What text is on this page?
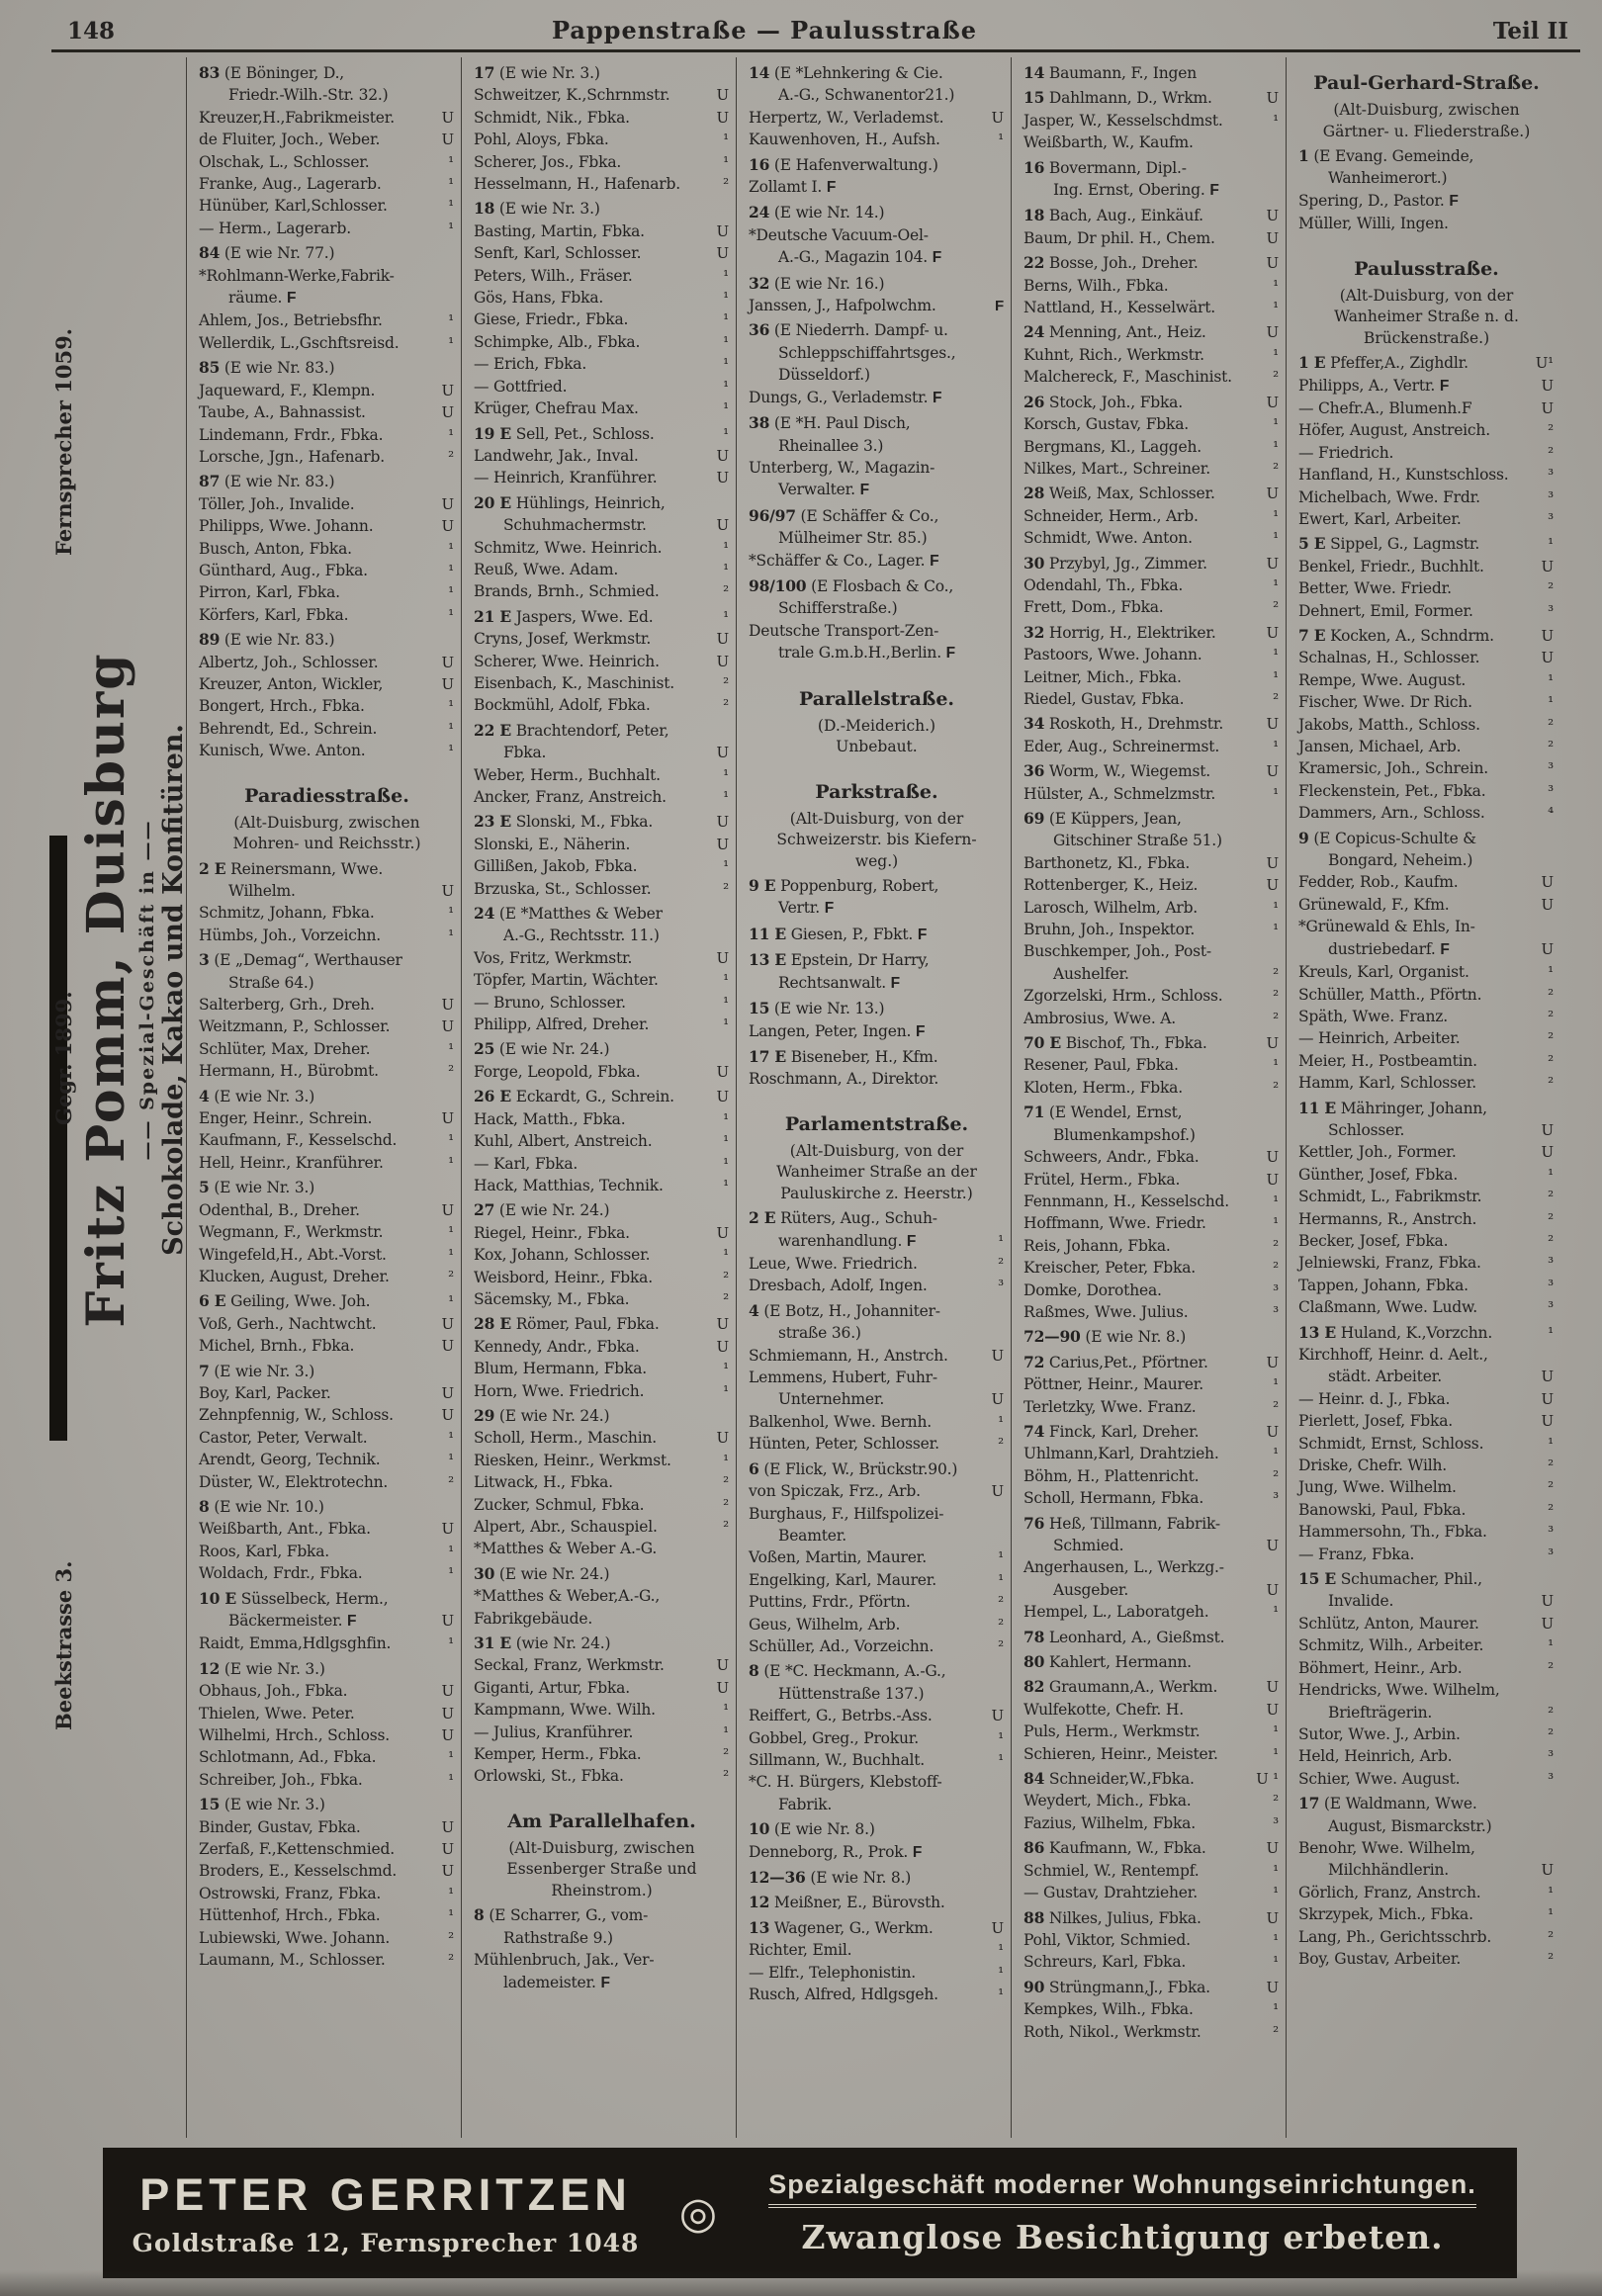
148	Pappenstraße — Paulusstraße	Teil II
Beekstrasse 3.
Gegr. 1899.
Fernsprecher 1059.
Fritz Pomm, Duisburg —— Spezial-Geschäft in —— Schokolade, Kakao und Konfitüren.
83 (E Böninger, D.,
Friedr.-Wilh.-Str. 32.)
Kreuzer,H.,Fabrikmeister.	U
de Fluiter, Joch., Weber.	U
Olschak, L., Schlosser.	¹
Franke, Aug., Lagerarb.	¹
Hünüber, Karl,Schlosser.	¹
— Herm., Lagerarb.	¹
84 (E wie Nr. 77.)
*Rohlmann-Werke,Fabrik-
räume. F
Ahlem, Jos., Betriebsfhr.	¹
Wellerdik, L.,Gschftsreisd.	¹
85 (E wie Nr. 83.)
Jaqueward, F., Klempn.	U
Taube, A., Bahnassist.	U
Lindemann, Frdr., Fbka.	¹
Lorsche, Jgn., Hafenarb.	²
87 (E wie Nr. 83.)
Töller, Joh., Invalide.	U
Philipps, Wwe. Johann.	U
Busch, Anton, Fbka.	¹
Günthard, Aug., Fbka.	¹
Pirron, Karl, Fbka.	¹
Körfers, Karl, Fbka.	¹
89 (E wie Nr. 83.)
Albertz, Joh., Schlosser.	U
Kreuzer, Anton, Wickler,	U
Bongert, Hrch., Fbka.	¹
Behrendt, Ed., Schrein.	¹
Kunisch, Wwe. Anton.	¹
Paradiesstraße.
(Alt-Duisburg, zwischen
Mohren- und Reichsstr.)
2 E Reinersmann, Wwe.
Wilhelm.	U
Schmitz, Johann, Fbka.	¹
Hümbs, Joh., Vorzeichn.	¹
3 (E „Demag“, Werthauser
Straße 64.)
Salterberg, Grh., Dreh.	U
Weitzmann, P., Schlosser.	U
Schlüter, Max, Dreher.	¹
Hermann, H., Bürobmt.	²
4 (E wie Nr. 3.)
Enger, Heinr., Schrein.	U
Kaufmann, F., Kesselschd.	¹
Hell, Heinr., Kranführer.	¹
5 (E wie Nr. 3.)
Odenthal, B., Dreher.	U
Wegmann, F., Werkmstr.	¹
Wingefeld,H., Abt.-Vorst.	¹
Klucken, August, Dreher.	²
6 E Geiling, Wwe. Joh.	¹
Voß, Gerh., Nachtwcht.	U
Michel, Brnh., Fbka.	U
7 (E wie Nr. 3.)
Boy, Karl, Packer.	U
Zehnpfennig, W., Schloss.	U
Castor, Peter, Verwalt.	¹
Arendt, Georg, Technik.	¹
Düster, W., Elektrotechn.	²
8 (E wie Nr. 10.)
Weißbarth, Ant., Fbka.	U
Roos, Karl, Fbka.	¹
Woldach, Frdr., Fbka.	¹
10 E Süsselbeck, Herm.,
Bäckermeister. F	U
Raidt, Emma,Hdlgsghfin.	¹
12 (E wie Nr. 3.)
Obhaus, Joh., Fbka.	U
Thielen, Wwe. Peter.	U
Wilhelmi, Hrch., Schloss.	U
Schlotmann, Ad., Fbka.	¹
Schreiber, Joh., Fbka.	¹
15 (E wie Nr. 3.)
Binder, Gustav, Fbka.	U
Zerfaß, F.,Kettenschmied.	U
Broders, E., Kesselschmd.	U
Ostrowski, Franz, Fbka.	¹
Hüttenhof, Hrch., Fbka.	¹
Lubiewski, Wwe. Johann.	²
Laumann, M., Schlosser.	²
17 (E wie Nr. 3.)
Schweitzer, K.,Schrnmstr.	U
Schmidt, Nik., Fbka.	U
Pohl, Aloys, Fbka.	¹
Scherer, Jos., Fbka.	¹
Hesselmann, H., Hafenarb.	²
18 (E wie Nr. 3.)
Basting, Martin, Fbka.	U
Senft, Karl, Schlosser.	U
Peters, Wilh., Fräser.	¹
Gös, Hans, Fbka.	¹
Giese, Friedr., Fbka.	¹
Schimpke, Alb., Fbka.	¹
— Erich, Fbka.	¹
— Gottfried.	¹
Krüger, Chefrau Max.	¹
19 E Sell, Pet., Schloss.	¹
Landwehr, Jak., Inval.	U
— Heinrich, Kranführer.	U
20 E Hühlings, Heinrich,
Schuhmachermstr.	U
Schmitz, Wwe. Heinrich.	¹
Reuß, Wwe. Adam.	¹
Brands, Brnh., Schmied.	²
21 E Jaspers, Wwe. Ed.	¹
Cryns, Josef, Werkmstr.	U
Scherer, Wwe. Heinrich.	U
Eisenbach, K., Maschinist.	²
Bockmühl, Adolf, Fbka.	²
22 E Brachtendorf, Peter,
Fbka.	U
Weber, Herm., Buchhalt.	¹
Ancker, Franz, Anstreich.	¹
23 E Slonski, M., Fbka.	U
Slonski, E., Näherin.	U
Gillißen, Jakob, Fbka.	¹
Brzuska, St., Schlosser.	²
24 (E *Matthes & Weber
A.-G., Rechtsstr. 11.)
Vos, Fritz, Werkmstr.	U
Töpfer, Martin, Wächter.	¹
— Bruno, Schlosser.	¹
Philipp, Alfred, Dreher.	¹
25 (E wie Nr. 24.)
Forge, Leopold, Fbka.	U
26 E Eckardt, G., Schrein.	U
Hack, Matth., Fbka.	¹
Kuhl, Albert, Anstreich.	¹
— Karl, Fbka.	¹
Hack, Matthias, Technik.	¹
27 (E wie Nr. 24.)
Riegel, Heinr., Fbka.	U
Kox, Johann, Schlosser.	¹
Weisbord, Heinr., Fbka.	²
Säcemsky, M., Fbka.	²
28 E Römer, Paul, Fbka.	U
Kennedy, Andr., Fbka.	U
Blum, Hermann, Fbka.	¹
Horn, Wwe. Friedrich.	¹
29 (E wie Nr. 24.)
Scholl, Herm., Maschin.	U
Riesken, Heinr., Werkmst.	¹
Litwack, H., Fbka.	²
Zucker, Schmul, Fbka.	²
Alpert, Abr., Schauspiel.	²
*Matthes & Weber A.-G.
30 (E wie Nr. 24.)
*Matthes & Weber,A.-G.,
Fabrikgebäude.
31 E (wie Nr. 24.)
Seckal, Franz, Werkmstr.	U
Giganti, Artur, Fbka.	U
Kampmann, Wwe. Wilh.	¹
— Julius, Kranführer.	¹
Kemper, Herm., Fbka.	²
Orlowski, St., Fbka.	²
Am Parallelhafen.
(Alt-Duisburg, zwischen
Essenberger Straße und
Rheinstrom.)
8 (E Scharrer, G., vom-
Rathstraße 9.)
Mühlenbruch, Jak., Ver-
lademeister. F
14 (E *Lehnkering & Cie.
A.-G., Schwanentor21.)
Herpertz, W., Verlademst.	U
Kauwenhoven, H., Aufsh.	¹
16 (E Hafenverwaltung.)
Zollamt I. F
24 (E wie Nr. 14.)
*Deutsche Vacuum-Oel-
A.-G., Magazin 104. F
32 (E wie Nr. 16.)
Janssen, J., Hafpolwchm.	F
36 (E Niederrh. Dampf- u.
Schleppschiffahrtsges.,
Düsseldorf.)
Dungs, G., Verlademstr. F
38 (E *H. Paul Disch,
Rheinallee 3.)
Unterberg, W., Magazin-
Verwalter. F
96/97 (E Schäffer & Co.,
Mülheimer Str. 85.)
*Schäffer & Co., Lager. F
98/100 (E Flosbach & Co.,
Schifferstraße.)
Deutsche Transport-Zen-
trale G.m.b.H.,Berlin. F
Parallelstraße.
(D.-Meiderich.)
Unbebaut.
Parkstraße.
(Alt-Duisburg, von der
Schweizerstr. bis Kiefern-
weg.)
9 E Poppenburg, Robert,
Vertr. F
11 E Giesen, P., Fbkt. F
13 E Epstein, Dr Harry,
Rechtsanwalt. F
15 (E wie Nr. 13.)
Langen, Peter, Ingen. F
17 E Biseneber, H., Kfm.
Roschmann, A., Direktor.
Parlamentstraße.
(Alt-Duisburg, von der
Wanheimer Straße an der
Pauluskirche z. Heerstr.)
2 E Rüters, Aug., Schuh-
warenhandlung. F	¹
Leue, Wwe. Friedrich.	²
Dresbach, Adolf, Ingen.	³
4 (E Botz, H., Johanniter-
straße 36.)
Schmiemann, H., Anstrch.	U
Lemmens, Hubert, Fuhr-
Unternehmer.	U
Balkenhol, Wwe. Bernh.	¹
Hünten, Peter, Schlosser.	²
6 (E Flick, W., Brückstr.90.)
von Spiczak, Frz., Arb.	U
Burghaus, F., Hilfspolizei-
Beamter.
Voßen, Martin, Maurer.	¹
Engelking, Karl, Maurer.	¹
Puttins, Frdr., Pförtn.	²
Geus, Wilhelm, Arb.	²
Schüller, Ad., Vorzeichn.	²
8 (E *C. Heckmann, A.-G.,
Hüttenstraße 137.)
Reiffert, G., Betrbs.-Ass.	U
Gobbel, Greg., Prokur.	¹
Sillmann, W., Buchhalt.	¹
*C. H. Bürgers, Klebstoff-
Fabrik.
10 (E wie Nr. 8.)
Denneborg, R., Prok. F
12—36 (E wie Nr. 8.)
12 Meißner, E., Bürovsth.
13 Wagener, G., Werkm.	U
Richter, Emil.	¹
— Elfr., Telephonistin.	¹
Rusch, Alfred, Hdlgsgeh.	¹
14 Baumann, F., Ingen
15 Dahlmann, D., Wrkm.	U
Jasper, W., Kesselschdmst.	¹
Weißbarth, W., Kaufm.
16 Bovermann, Dipl.-
Ing. Ernst, Obering. F
18 Bach, Aug., Einkäuf.	U
Baum, Dr phil. H., Chem.	U
22 Bosse, Joh., Dreher.	U
Berns, Wilh., Fbka.	¹
Nattland, H., Kesselwärt.	¹
24 Menning, Ant., Heiz.	U
Kuhnt, Rich., Werkmstr.	¹
Malchereck, F., Maschinist.	²
26 Stock, Joh., Fbka.	U
Korsch, Gustav, Fbka.	¹
Bergmans, Kl., Laggeh.	¹
Nilkes, Mart., Schreiner.	²
28 Weiß, Max, Schlosser.	U
Schneider, Herm., Arb.	¹
Schmidt, Wwe. Anton.	¹
30 Przybyl, Jg., Zimmer.	U
Odendahl, Th., Fbka.	¹
Frett, Dom., Fbka.	²
32 Horrig, H., Elektriker.	U
Pastoors, Wwe. Johann.	¹
Leitner, Mich., Fbka.	¹
Riedel, Gustav, Fbka.	²
34 Roskoth, H., Drehmstr.	U
Eder, Aug., Schreinermst.	¹
36 Worm, W., Wiegemst.	U
Hülster, A., Schmelzmstr.	¹
69 (E Küppers, Jean,
Gitschiner Straße 51.)
Barthonetz, Kl., Fbka.	U
Rottenberger, K., Heiz.	U
Larosch, Wilhelm, Arb.	¹
Bruhn, Joh., Inspektor.	¹
Buschkemper, Joh., Post-
Aushelfer.	²
Zgorzelski, Hrm., Schloss.	²
Ambrosius, Wwe. A.	²
70 E Bischof, Th., Fbka.	U
Resener, Paul, Fbka.	¹
Kloten, Herm., Fbka.	²
71 (E Wendel, Ernst,
Blumenkampshof.)
Schweers, Andr., Fbka.	U
Frütel, Herm., Fbka.	U
Fennmann, H., Kesselschd.	¹
Hoffmann, Wwe. Friedr.	¹
Reis, Johann, Fbka.	²
Kreischer, Peter, Fbka.	²
Domke, Dorothea.	³
Raßmes, Wwe. Julius.	³
72—90 (E wie Nr. 8.)
72 Carius,Pet., Pförtner.	U
Pöttner, Heinr., Maurer.	¹
Terletzky, Wwe. Franz.	²
74 Finck, Karl, Dreher.	U
Uhlmann,Karl, Drahtzieh.	¹
Böhm, H., Plattenricht.	²
Scholl, Hermann, Fbka.	³
76 Heß, Tillmann, Fabrik-
Schmied.	U
Angerhausen, L., Werkzg.-
Ausgeber.	U
Hempel, L., Laboratgeh.	¹
78 Leonhard, A., Gießmst.
80 Kahlert, Hermann.
82 Graumann,A., Werkm.	U
Wulfekotte, Chefr. H.	U
Puls, Herm., Werkmstr.	¹
Schieren, Heinr., Meister.	¹
84 Schneider,W.,Fbka.	U ¹
Weydert, Mich., Fbka.	²
Fazius, Wilhelm, Fbka.	³
86 Kaufmann, W., Fbka.	U
Schmiel, W., Rentempf.	¹
— Gustav, Drahtzieher.	¹
88 Nilkes, Julius, Fbka.	U
Pohl, Viktor, Schmied.	¹
Schreurs, Karl, Fbka.	¹
90 Strüngmann,J., Fbka.	U
Kempkes, Wilh., Fbka.	¹
Roth, Nikol., Werkmstr.	²
Paul-Gerhard-Straße.
(Alt-Duisburg, zwischen
Gärtner- u. Fliederstraße.)
1 (E Evang. Gemeinde,
Wanheimerort.)
Spering, D., Pastor. F
Müller, Willi, Ingen.
Paulusstraße.
(Alt-Duisburg, von der
Wanheimer Straße n. d.
Brückenstraße.)
1 E Pfeffer,A., Zighdlr.	U¹
Philipps, A., Vertr. F	U
— Chefr.A., Blumenh.F	U
Höfer, August, Anstreich.	²
— Friedrich.	²
Hanfland, H., Kunstschloss.	³
Michelbach, Wwe. Frdr.	³
Ewert, Karl, Arbeiter.	³
5 E Sippel, G., Lagmstr.	¹
Benkel, Friedr., Buchhlt.	U
Better, Wwe. Friedr.	²
Dehnert, Emil, Former.	³
7 E Kocken, A., Schndrm.	U
Schalnas, H., Schlosser.	U
Rempe, Wwe. August.	¹
Fischer, Wwe. Dr Rich.	¹
Jakobs, Matth., Schloss.	²
Jansen, Michael, Arb.	²
Kramersic, Joh., Schrein.	³
Fleckenstein, Pet., Fbka.	³
Dammers, Arn., Schloss.	⁴
9 (E Copicus-Schulte &
Bongard, Neheim.)
Fedder, Rob., Kaufm.	U
Grünewald, F., Kfm.	U
*Grünewald & Ehls, In-
dustriebedarf. F	U
Kreuls, Karl, Organist.	¹
Schüller, Matth., Pförtn.	²
Späth, Wwe. Franz.	²
— Heinrich, Arbeiter.	²
Meier, H., Postbeamtin.	²
Hamm, Karl, Schlosser.	²
11 E Mähringer, Johann,
Schlosser.	U
Kettler, Joh., Former.	U
Günther, Josef, Fbka.	¹
Schmidt, L., Fabrikmstr.	²
Hermanns, R., Anstrch.	²
Becker, Josef, Fbka.	²
Jelniewski, Franz, Fbka.	³
Tappen, Johann, Fbka.	³
Claßmann, Wwe. Ludw.	³
13 E Huland, K.,Vorzchn.	¹
Kirchhoff, Heinr. d. Aelt.,
städt. Arbeiter.	U
— Heinr. d. J., Fbka.	U
Pierlett, Josef, Fbka.	U
Schmidt, Ernst, Schloss.	¹
Driske, Chefr. Wilh.	²
Jung, Wwe. Wilhelm.	²
Banowski, Paul, Fbka.	²
Hammersohn, Th., Fbka.	³
— Franz, Fbka.	³
15 E Schumacher, Phil.,
Invalide.	U
Schlütz, Anton, Maurer.	U
Schmitz, Wilh., Arbeiter.	¹
Böhmert, Heinr., Arb.	²
Hendricks, Wwe. Wilhelm,
Briefträgerin.	²
Sutor, Wwe. J., Arbin.	²
Held, Heinrich, Arb.	³
Schier, Wwe. August.	³
17 (E Waldmann, Wwe.
August, Bismarckstr.)
Benohr, Wwe. Wilhelm,
Milchhändlerin.	U
Görlich, Franz, Anstrch.	¹
Skrzypek, Mich., Fbka.	¹
Lang, Ph., Gerichtsschrb.	²
Boy, Gustav, Arbeiter.	²
PETER GERRITZEN
Goldstraße 12, Fernsprecher 1048
◎
Spezialgeschäft moderner Wohnungseinrichtungen.
Zwanglose Besichtigung erbeten.
